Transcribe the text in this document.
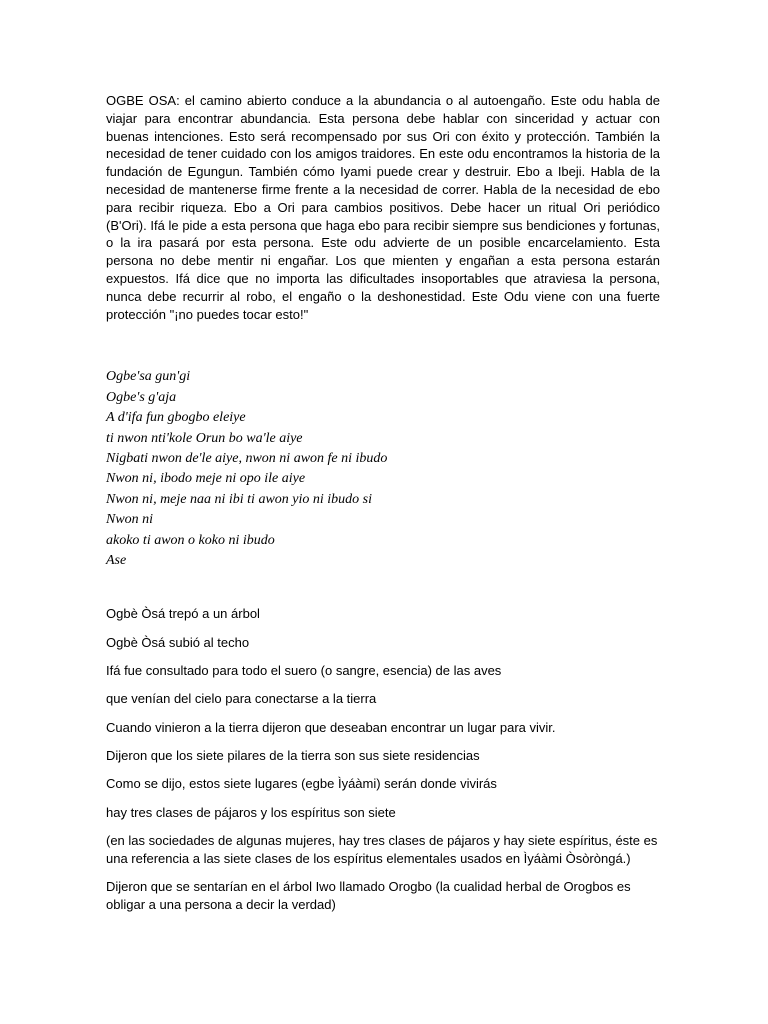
OGBE OSA: el camino abierto conduce a la abundancia o al autoengaño. Este odu habla de viajar para encontrar abundancia. Esta persona debe hablar con sinceridad y actuar con buenas intenciones. Esto será recompensado por sus Ori con éxito y protección. También la necesidad de tener cuidado con los amigos traidores. En este odu encontramos la historia de la fundación de Egungun. También cómo Iyami puede crear y destruir. Ebo a Ibeji. Habla de la necesidad de mantenerse firme frente a la necesidad de correr. Habla de la necesidad de ebo para recibir riqueza. Ebo a Ori para cambios positivos. Debe hacer un ritual Ori periódico (B'Ori). Ifá le pide a esta persona que haga ebo para recibir siempre sus bendiciones y fortunas, o la ira pasará por esta persona. Este odu advierte de un posible encarcelamiento. Esta persona no debe mentir ni engañar. Los que mienten y engañan a esta persona estarán expuestos. Ifá dice que no importa las dificultades insoportables que atraviesa la persona, nunca debe recurrir al robo, el engaño o la deshonestidad. Este Odu viene con una fuerte protección "¡no puedes tocar esto!"

Ogbe'sa gun'gi
Ogbe's g'aja
A d'ifa fun gbogbo eleiye
ti nwon nti'kole Orun bo wa'le aiye
Nigbati nwon de'le aiye, nwon ni awon fe ni ibudo
Nwon ni, ibodo meje ni opo ile aiye
Nwon ni, meje naa ni ibi ti awon yio ni ibudo si
Nwon ni
akoko ti awon o koko ni ibudo
Ase

Ogbè Òsá trepó a un árbol

Ogbè Òsá subió al techo

Ifá fue consultado para todo el suero (o sangre, esencia) de las aves

que venían del cielo para conectarse a la tierra

Cuando vinieron a la tierra dijeron que deseaban encontrar un lugar para vivir.

Dijeron que los siete pilares de la tierra son sus siete residencias

Como se dijo, estos siete lugares (egbe Ìyáàmi) serán donde vivirás

hay tres clases de pájaros y los espíritus son siete

(en las sociedades de algunas mujeres, hay tres clases de pájaros y hay siete espíritus, éste es una referencia a las siete clases de los espíritus elementales usados en Ìyáàmi Òsòròngá.)

Dijeron que se sentarían en el árbol Iwo llamado Orogbo (la cualidad herbal de Orogbos es obligar a una persona a decir la verdad)
